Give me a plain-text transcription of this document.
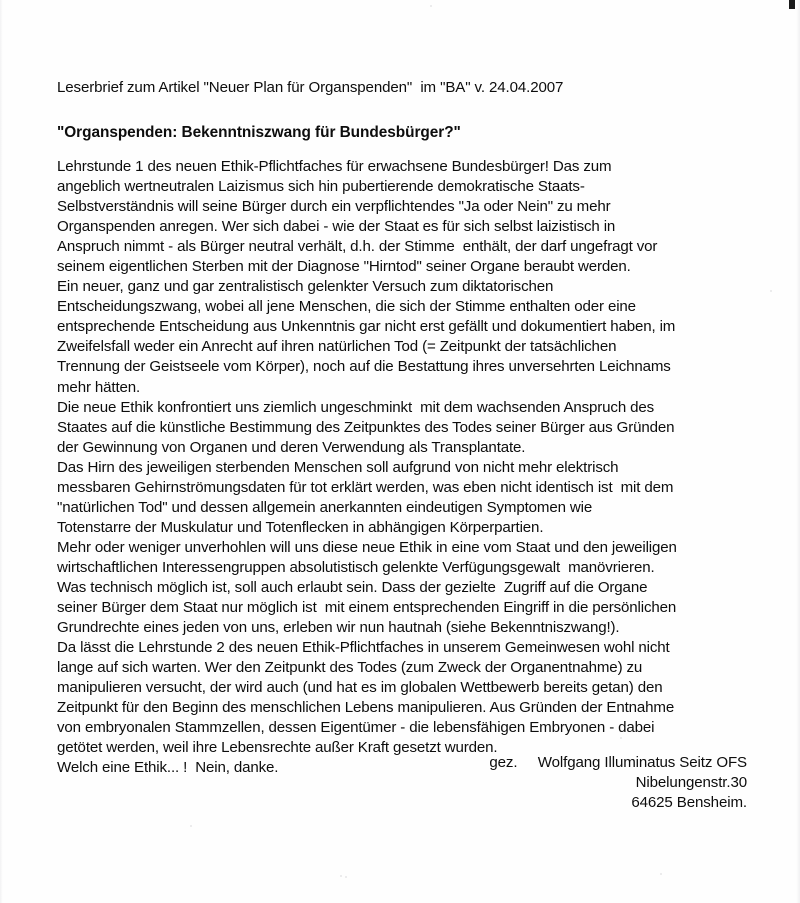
Leserbrief zum Artikel "Neuer Plan für Organspenden"  im "BA" v. 24.04.2007
"Organspenden: Bekenntniszwang für Bundesbürger?"
Lehrstunde 1 des neuen Ethik-Pflichtfaches für erwachsene Bundesbürger! Das zum
angeblich wertneutralen Laizismus sich hin pubertierende demokratische Staats-
Selbstverständnis will seine Bürger durch ein verpflichtendes "Ja oder Nein" zu mehr
Organspenden anregen. Wer sich dabei - wie der Staat es für sich selbst laizistisch in
Anspruch nimmt - als Bürger neutral verhält, d.h. der Stimme  enthält, der darf ungefragt vor
seinem eigentlichen Sterben mit der Diagnose "Hirntod" seiner Organe beraubt werden.
Ein neuer, ganz und gar zentralistisch gelenkter Versuch zum diktatorischen
Entscheidungszwang, wobei all jene Menschen, die sich der Stimme enthalten oder eine
entsprechende Entscheidung aus Unkenntnis gar nicht erst gefällt und dokumentiert haben, im
Zweifelsfall weder ein Anrecht auf ihren natürlichen Tod (= Zeitpunkt der tatsächlichen
Trennung der Geistseele vom Körper), noch auf die Bestattung ihres unversehrten Leichnams
mehr hätten.
Die neue Ethik konfrontiert uns ziemlich ungeschminkt  mit dem wachsenden Anspruch des
Staates auf die künstliche Bestimmung des Zeitpunktes des Todes seiner Bürger aus Gründen
der Gewinnung von Organen und deren Verwendung als Transplantate.
Das Hirn des jeweiligen sterbenden Menschen soll aufgrund von nicht mehr elektrisch
messbaren Gehirnströmungsdaten für tot erklärt werden, was eben nicht identisch ist  mit dem
"natürlichen Tod" und dessen allgemein anerkannten eindeutigen Symptomen wie
Totenstarre der Muskulatur und Totenflecken in abhängigen Körperpartien.
Mehr oder weniger unverhohlen will uns diese neue Ethik in eine vom Staat und den jeweiligen
wirtschaftlichen Interessengruppen absolutistisch gelenkte Verfügungsgewalt  manövrieren.
Was technisch möglich ist, soll auch erlaubt sein. Dass der gezielte  Zugriff auf die Organe
seiner Bürger dem Staat nur möglich ist  mit einem entsprechenden Eingriff in die persönlichen
Grundrechte eines jeden von uns, erleben wir nun hautnah (siehe Bekenntniszwang!).
Da lässt die Lehrstunde 2 des neuen Ethik-Pflichtfaches in unserem Gemeinwesen wohl nicht
lange auf sich warten. Wer den Zeitpunkt des Todes (zum Zweck der Organentnahme) zu
manipulieren versucht, der wird auch (und hat es im globalen Wettbewerb bereits getan) den
Zeitpunkt für den Beginn des menschlichen Lebens manipulieren. Aus Gründen der Entnahme
von embryonalen Stammzellen, dessen Eigentümer - die lebensfähigen Embryonen - dabei
getötet werden, weil ihre Lebensrechte außer Kraft gesetzt wurden.
Welch eine Ethik... !  Nein, danke.	gez.     Wolfgang Illuminatus Seitz OFS
Nibelungenstr.30
64625 Bensheim.
